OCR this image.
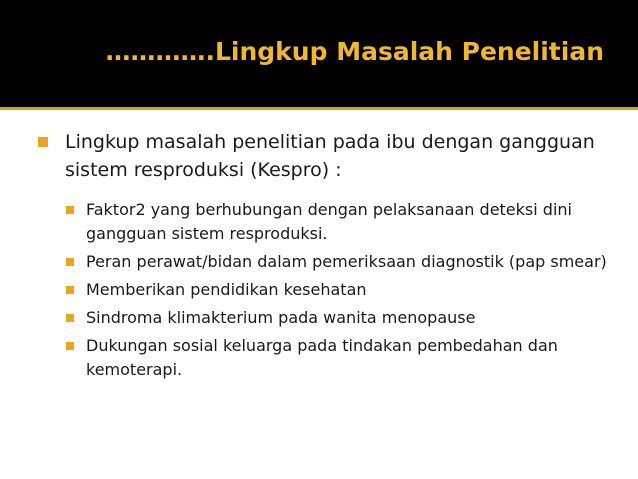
………….Lingkup Masalah Penelitian
Lingkup masalah penelitian pada ibu dengan gangguan sistem resproduksi (Kespro) :
Faktor2 yang berhubungan dengan pelaksanaan deteksi dini gangguan sistem resproduksi.
Peran perawat/bidan dalam pemeriksaan diagnostik (pap smear)
Memberikan pendidikan kesehatan
Sindroma klimakterium pada wanita menopause
Dukungan sosial keluarga pada tindakan pembedahan dan kemoterapi.
